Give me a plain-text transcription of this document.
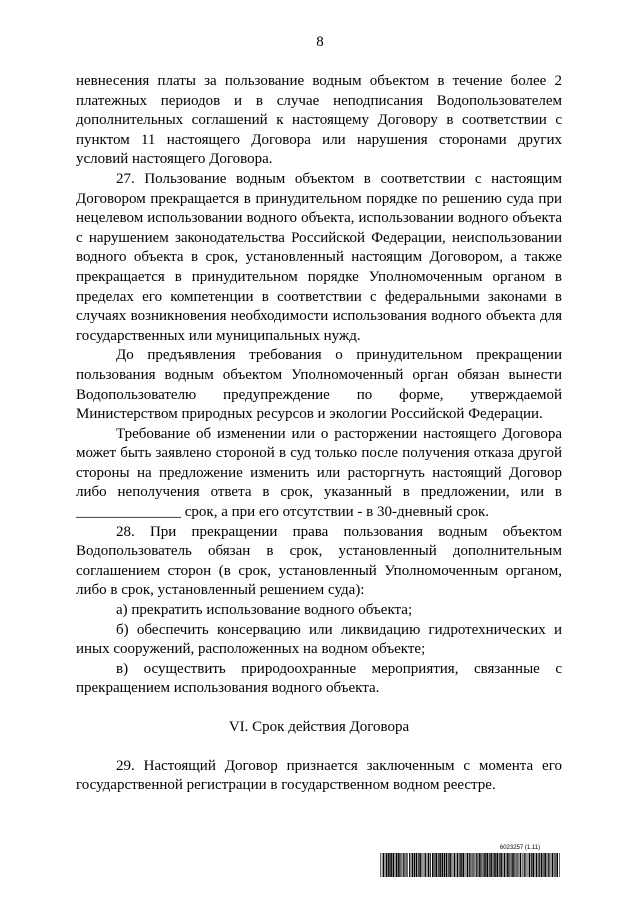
8

невнесения платы за пользование водным объектом в течение более 2 платежных периодов и в случае неподписания Водопользователем дополнительных соглашений к настоящему Договору в соответствии с пунктом 11 настоящего Договора или нарушения сторонами других условий настоящего Договора.

27. Пользование водным объектом в соответствии с настоящим Договором прекращается в принудительном порядке по решению суда при нецелевом использовании водного объекта, использовании водного объекта с нарушением законодательства Российской Федерации, неиспользовании водного объекта в срок, установленный настоящим Договором, а также прекращается в принудительном порядке Уполномоченным органом в пределах его компетенции в соответствии с федеральными законами в случаях возникновения необходимости использования водного объекта для государственных или муниципальных нужд.

До предъявления требования о принудительном прекращении пользования водным объектом Уполномоченный орган обязан вынести Водопользователю предупреждение по форме, утверждаемой Министерством природных ресурсов и экологии Российской Федерации.

Требование об изменении или о расторжении настоящего Договора может быть заявлено стороной в суд только после получения отказа другой стороны на предложение изменить или расторгнуть настоящий Договор либо неполучения ответа в срок, указанный в предложении, или в ______________ срок, а при его отсутствии - в 30-дневный срок.

28. При прекращении права пользования водным объектом Водопользователь обязан в срок, установленный дополнительным соглашением сторон (в срок, установленный Уполномоченным органом, либо в срок, установленный решением суда):

а) прекратить использование водного объекта;

б) обеспечить консервацию или ликвидацию гидротехнических и иных сооружений, расположенных на водном объекте;

в) осуществить природоохранные мероприятия, связанные с прекращением использования водного объекта.

VI. Срок действия Договора

29. Настоящий Договор признается заключенным с момента его государственной регистрации в государственном водном реестре.

6023257 (1.11)
